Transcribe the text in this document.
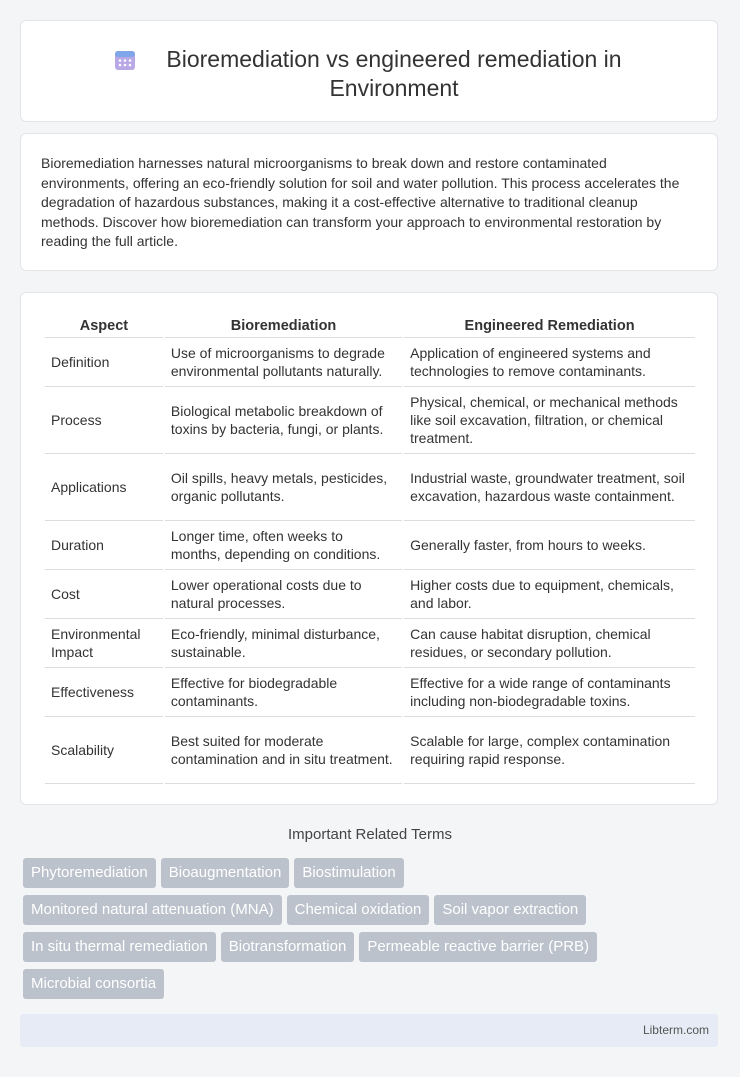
Bioremediation vs engineered remediation in Environment
Bioremediation harnesses natural microorganisms to break down and restore contaminated environments, offering an eco-friendly solution for soil and water pollution. This process accelerates the degradation of hazardous substances, making it a cost-effective alternative to traditional cleanup methods. Discover how bioremediation can transform your approach to environmental restoration by reading the full article.
Aspect	Bioremediation	Engineered Remediation
Definition	Use of microorganisms to degrade environmental pollutants naturally.	Application of engineered systems and technologies to remove contaminants.
Process	Biological metabolic breakdown of toxins by bacteria, fungi, or plants.	Physical, chemical, or mechanical methods like soil excavation, filtration, or chemical treatment.
Applications	Oil spills, heavy metals, pesticides, organic pollutants.	Industrial waste, groundwater treatment, soil excavation, hazardous waste containment.
Duration	Longer time, often weeks to months, depending on conditions.	Generally faster, from hours to weeks.
Cost	Lower operational costs due to natural processes.	Higher costs due to equipment, chemicals, and labor.
Environmental Impact	Eco-friendly, minimal disturbance, sustainable.	Can cause habitat disruption, chemical residues, or secondary pollution.
Effectiveness	Effective for biodegradable contaminants.	Effective for a wide range of contaminants including non-biodegradable toxins.
Scalability	Best suited for moderate contamination and in situ treatment.	Scalable for large, complex contamination requiring rapid response.
Important Related Terms
Phytoremediation Bioaugmentation Biostimulation
Monitored natural attenuation (MNA) Chemical oxidation Soil vapor extraction
In situ thermal remediation Biotransformation Permeable reactive barrier (PRB)
Microbial consortia
Libterm.com
